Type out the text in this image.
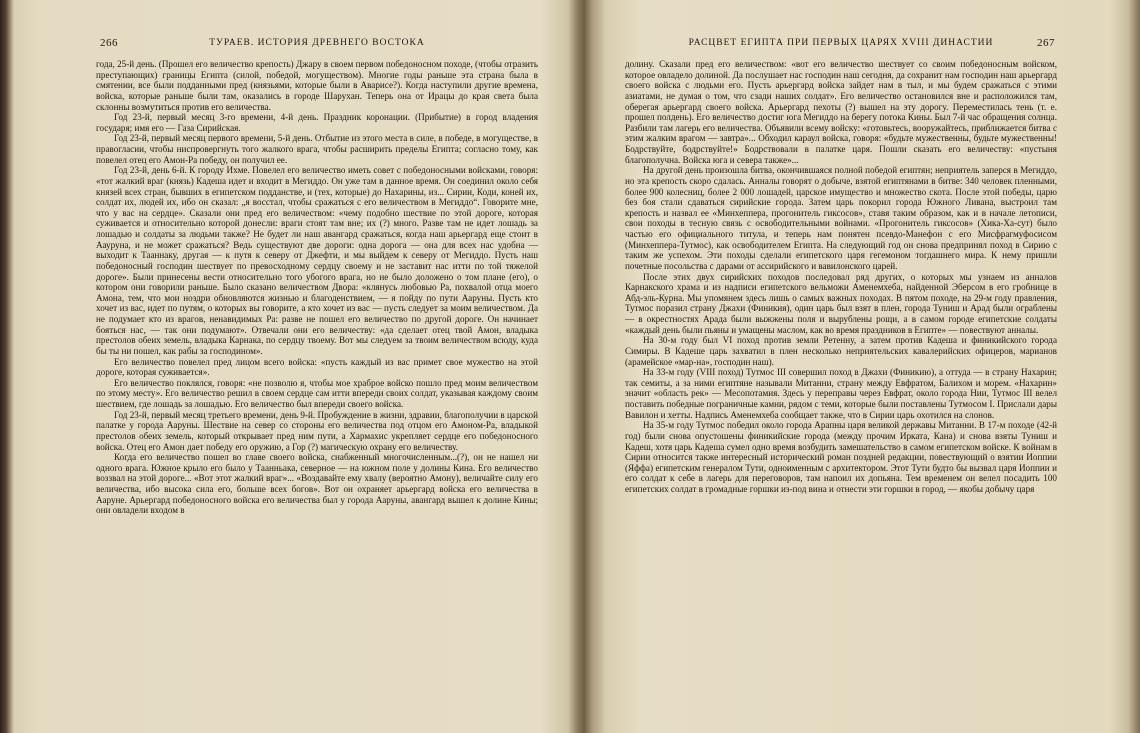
266	ТУРАЕВ. ИСТОРИЯ ДРЕВНЕГО ВОСТОКА

года, 25-й день. (Прошел его величество крепость) Джару в своем первом победоносном походе, (чтобы отразить преступающих) границы Египта (силой, победой, могуществом). Многие годы раньше эта страна была в смятении, все были подданными пред (князьями, которые были в Аварисе?). Когда наступили другие времена, войска, которые раньше были там, оказались в городе Шарухан. Теперь она от Ирацы до края света была склонны возмутиться против его величества.

Год 23-й, первый месяц 3-го времени, 4-й день. Праздник коронации. (Прибытие) в город владения государя; имя его — Газа Сирийская.

Год 23-й, первый месяц первого времени, 5-й день. Отбытие из этого места в силе, в победе, в могуществе, в правогласии, чтобы ниспровергнуть того жалкого врага, чтобы расширить пределы Египта; согласно тому, как повелел отец его Амон-Ра победу, он получил ее.

Год 23-й, день 6-й. К городу Ихме. Повелел его величество иметь совет с победоносными войсками, говоря: «тот жалкий враг (князь) Кадеша идет и входит в Мегиддо. Он уже там в данное время. Он соединил около себя князей всех стран, бывших в египетском подданстве, и (тех, которые) до Нахарины, из... Сирии, Коди, коней их, солдат их, людей их, ибо он сказал: „я восстал, чтобы сражаться с его величеством в Мегиддо“. Говорите мне, что у вас на сердце». Сказали они пред его величеством: «чему подобно шествие по этой дороге, которая суживается и относительно которой донесли: враги стоят там вне; их (?) много. Разве там не идет лошадь за лошадью и солдаты за людьми также? Не будет ли наш авангард сражаться, когда наш арьергард еще стоит в Аауруна, и не может сражаться? Ведь существуют две дороги: одна дорога — она для всех нас удобна — выходит к Тааннаку, другая — к путя к северу от Джефти, и мы выйдем к северу от Мегиддо. Пусть наш победоносный господин шествует по превосходному сердцу своему и не заставит нас итти по той тяжелой дороге». Были принесены вести относительно того убогого врага, но не было доложено о том плане (его), о котором они говорили раньше. Было сказано величеством Двора: «клянусь любовью Ра, похвалой отца моего Амона, тем, что мои ноздри обновляются жизнью и благоденствием, — я пойду по пути Ааруны. Пусть кто хочет из вас, идет по путям, о которых вы говорите, а кто хочет из вас — пусть следует за моим величеством. Да не подумает кто из врагов, ненавидимых Ра: разве не пошел его величество по другой дороге. Он начинает бояться нас, — так они подумают». Отвечали они его величеству: «да сделает отец твой Амон, владыка престолов обеих земель, владыка Карнака, по сердцу твоему. Вот мы следуем за твоим величеством всюду, куда бы ты ни пошел, как рабы за господином».

Его величество повелел пред лицом всего войска: «пусть каждый из вас примет свое мужество на этой дороге, которая суживается».

Его величество поклялся, говоря: «не позволю я, чтобы мое храброе войско пошло пред моим величеством по этому месту». Его величество решил в своем сердце сам итти впереди своих солдат, указывая каждому своим шествием, где лошадь за лошадью. Его величество был впереди своего войска.

Год 23-й, первый месяц третьего времени, день 9-й. Пробуждение в жизни, здравии, благополучии в царской палатке у города Ааруны. Шествие на север со стороны его величества под отцом его Амоном-Ра, владыкой престолов обеих земель, который открывает пред ним пути, а Хармахис укрепляет сердце его победоносного войска. Отец его Амон дает победу его оружию, а Гор (?) магическую охрану его величеству.

Когда его величество пошел во главе своего войска, снабженный многочисленным...(?), он не нашел ни одного врага. Южное крыло его было у Таанньака, северное — на южном поле у долины Кина. Его величество воззвал на этой дороге... «Вот этот жалкий враг»... «Воздавайте ему хвалу (вероятно Амону), величайте силу его величества, ибо высока сила его, больше всех богов». Вот он охраняет арьергард войска его величества в Ааруне. Арьергард победоносного войска его величества был у города Ааруны, авангард вышел к долине Кины; они овладели входом в

РАСЦВЕТ ЕГИПТА ПРИ ПЕРВЫХ ЦАРЯХ XVIII ДИНАСТИИ	267

долину. Сказали пред его величеством: «вот его величество шествует со своим победоносным войском, которое овладело долиной. Да послушает нас господин наш сегодня, да сохранит нам господин наш арьергард своего войска с людьми его. Пусть арьергард войска зайдет нам в тыл, и мы будем сражаться с этими азиатами, не думая о том, что сзади наших солдат». Его величество остановился вне и расположился там, оберегая арьергард своего войска. Арьергард пехоты (?) вышел на эту дорогу. Переместилась тень (т. е. прошел полдень). Его величество достиг юга Мегиддо на берегу потока Кины. Был 7-й час обращения солнца. Разбили там лагерь его величества. Объявили всему войску: «готовьтесь, вооружайтесь, приближается битва с этим жалким врагом — завтра»... Обходил караул войска, говоря: «будьте мужественны, будьте мужественны! Бодрствуйте, бодрствуйте!» Бодрствовали в палатке царя. Пошли сказать его величеству: «пустыня благополучна. Войска юга и севера также»...

На другой день произошла битва, окончившаяся полной победой египтян; неприятель заперся в Мегиддо, но эта крепость скоро сдалась. Анналы говорят о добыче, взятой египтянами в битве: 340 человек пленными, более 900 колесниц, более 2 000 лошадей, царское имущество и множество скота. После этой победы, царю без боя стали сдаваться сирийские города. Затем царь покорил города Южного Ливана, выстроил там крепость и назвал ее «Минхеппера, прогонитель гиксосов», ставя таким образом, как и в начале летописи, свои походы в тесную связь с освободительными войнами. «Прогонитель гиксосов» (Хика-Ха-сут) было частью его официального титула, и теперь нам понятен псевдо-Манефон с его Мисфрагмуфосисом (Минхеппера-Тутмос), как освободителем Египта. На следующий год он снова предпринял поход в Сирию с таким же успехом. Эти походы сделали египетского царя гегемоном тогдашнего мира. К нему пришли почетные посольства с дарами от ассирийского и вавилонского царей.

После этих двух сирийских походов последовал ряд других, о которых мы узнаем из анналов Карнакского храма и из надписи египетского вельможи Аменемхеба, найденной Эберсом в его гробнице в Абд-эль-Курна. Мы упомянем здесь лишь о самых важных походах. В пятом походе, на 29-м году правления, Тутмос поразил страну Джахи (Финикия), один царь был взят в плен, города Туниш и Арад были ограблены — в окрестностях Арада были выжжены поля и вырублены рощи, а в самом городе египетские солдаты «каждый день были пьяны и умащены маслом, как во время праздников в Египте» — повествуют анналы.

На 30-м году был VI поход против земли Ретенну, а затем против Кадеша и финикийского города Симиры. В Кадеше царь захватил в плен несколько неприятельских кавалерийских офицеров, марианов (арамейское «мар-на», господин наш).

На 33-м году (VIII поход) Тутмос III совершил поход в Джахи (Финикию), а оттуда — в страну Нахарин; так семиты, а за ними египтяне называли Митанни, страну между Евфратом, Балихом и морем. «Нахарин» значит «область рек» — Месопотамия. Здесь у переправы через Евфрат, около города Нии, Тутмос III велел поставить победные пограничные камни, рядом с теми, которые были поставлены Тутмосом I. Прислали дары Вавилон и хетты. Надпись Аменемхеба сообщает также, что в Сирии царь охотился на слонов.

На 35-м году Тутмос победил около города Арапны царя великой державы Митанни. В 17-м походе (42-й год) были снова опустошены финикийские города (между прочим Ирката, Кана) и снова взяты Туниш и Кадеш, хотя царь Кадеша сумел одно время возбудить замешательство в самом египетском войске. К войнам в Сирии относится также интересный исторический роман поздней редакции, повествующий о взятии Иоппии (Яффа) египетским генералом Тути, одноименным с архитектором. Этот Тути будто бы вызвал царя Иоппии и его солдат к себе в лагерь для переговоров, там напоил их допьяна. Тем временем он велел посадить 100 египетских солдат в громадные горшки из-под вина и отнести эти горшки в город, — якобы добычу царя
